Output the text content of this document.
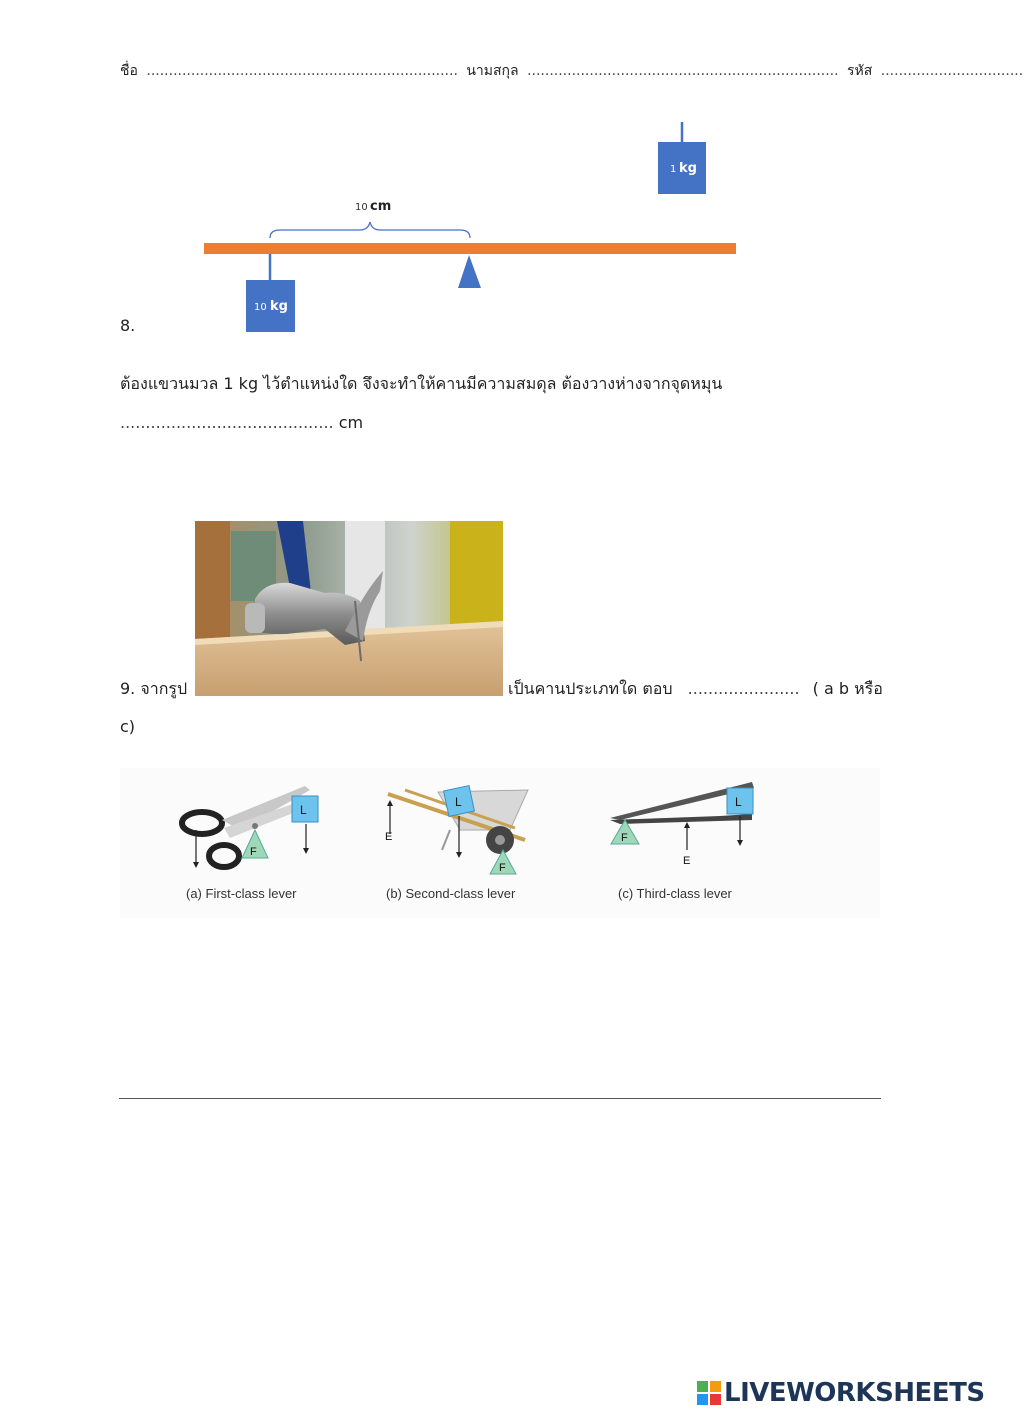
ชื่อ ...................................................................... นามสกุล ...................................................................... รหัส ................................
1 kg
10 cm
10 kg
8.
ต้องแขวนมวล 1 kg ไว้ตำแหน่งใด จึงจะทำให้คานมีความสมดุล ต้องวางห่างจากจุดหมุน
.......................................... cm
9. จากรูป	เป็นคานประเภทใด ตอบ ...................... ( a b หรือ
c)
F
L
E
(a) First-class lever
L
F
E
(b) Second-class lever
L
F
E
(c) Third-class lever
LIVEWORKSHEETS
